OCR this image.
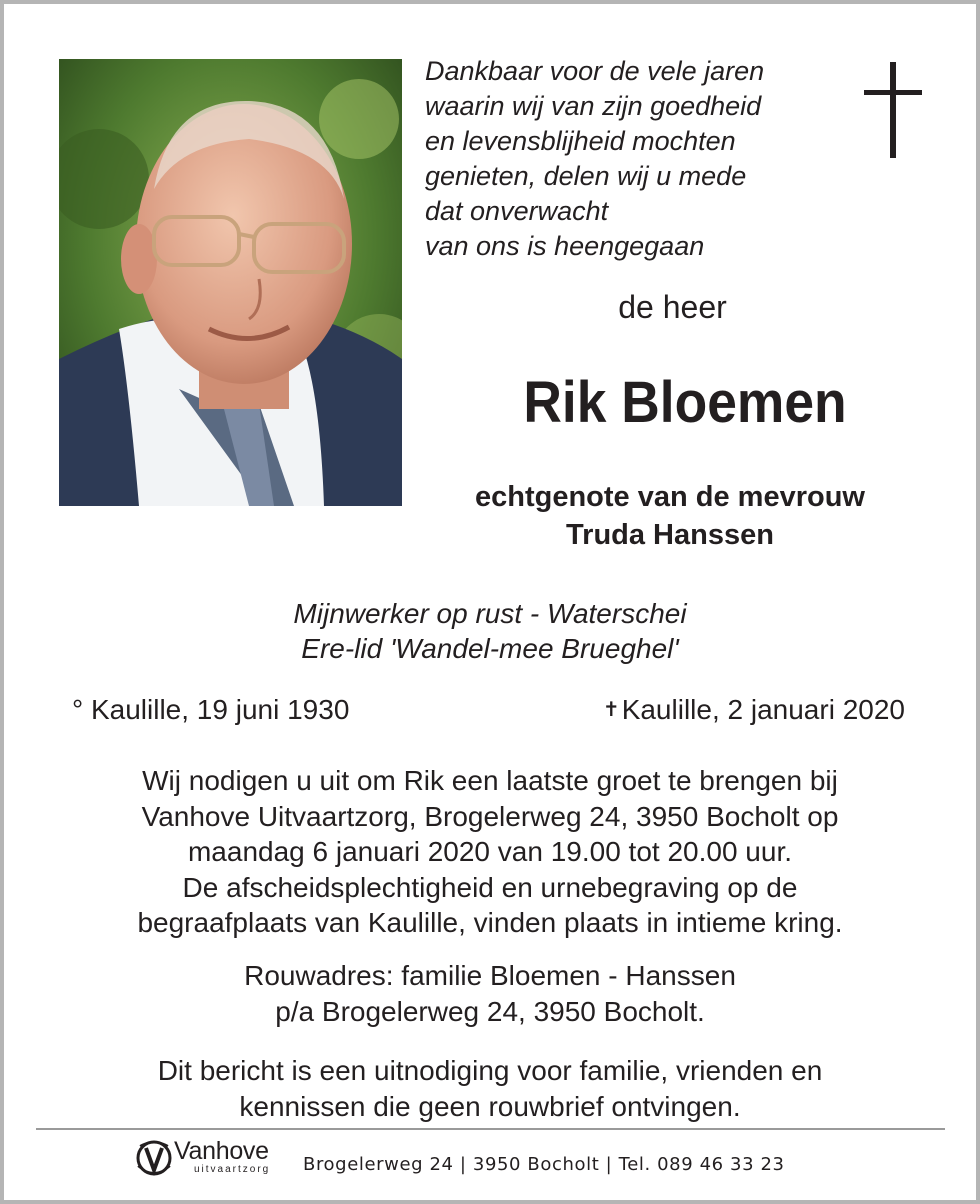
Dankbaar voor de vele jaren
waarin wij van zijn goedheid
en levensblijheid mochten
genieten, delen wij u mede
dat onverwacht
van ons is heengegaan
de heer
Rik Bloemen
echtgenote van de mevrouw
Truda Hanssen
Mijnwerker op rust - Waterschei
Ere-lid 'Wandel-mee Brueghel'
° Kaulille, 19 juni 1930	✝Kaulille, 2 januari 2020
Wij nodigen u uit om Rik een laatste groet te brengen bij
Vanhove Uitvaartzorg, Brogelerweg 24, 3950 Bocholt op
maandag 6 januari 2020 van 19.00 tot 20.00 uur.
De afscheidsplechtigheid en urnebegraving op de
begraafplaats van Kaulille, vinden plaats in intieme kring.
Rouwadres: familie Bloemen - Hanssen
p/a Brogelerweg 24, 3950 Bocholt.
Dit bericht is een uitnodiging voor familie, vrienden en
kennissen die geen rouwbrief ontvingen.
Vanhove
uitvaartzorg Brogelerweg 24 | 3950 Bocholt | Tel. 089 46 33 23
